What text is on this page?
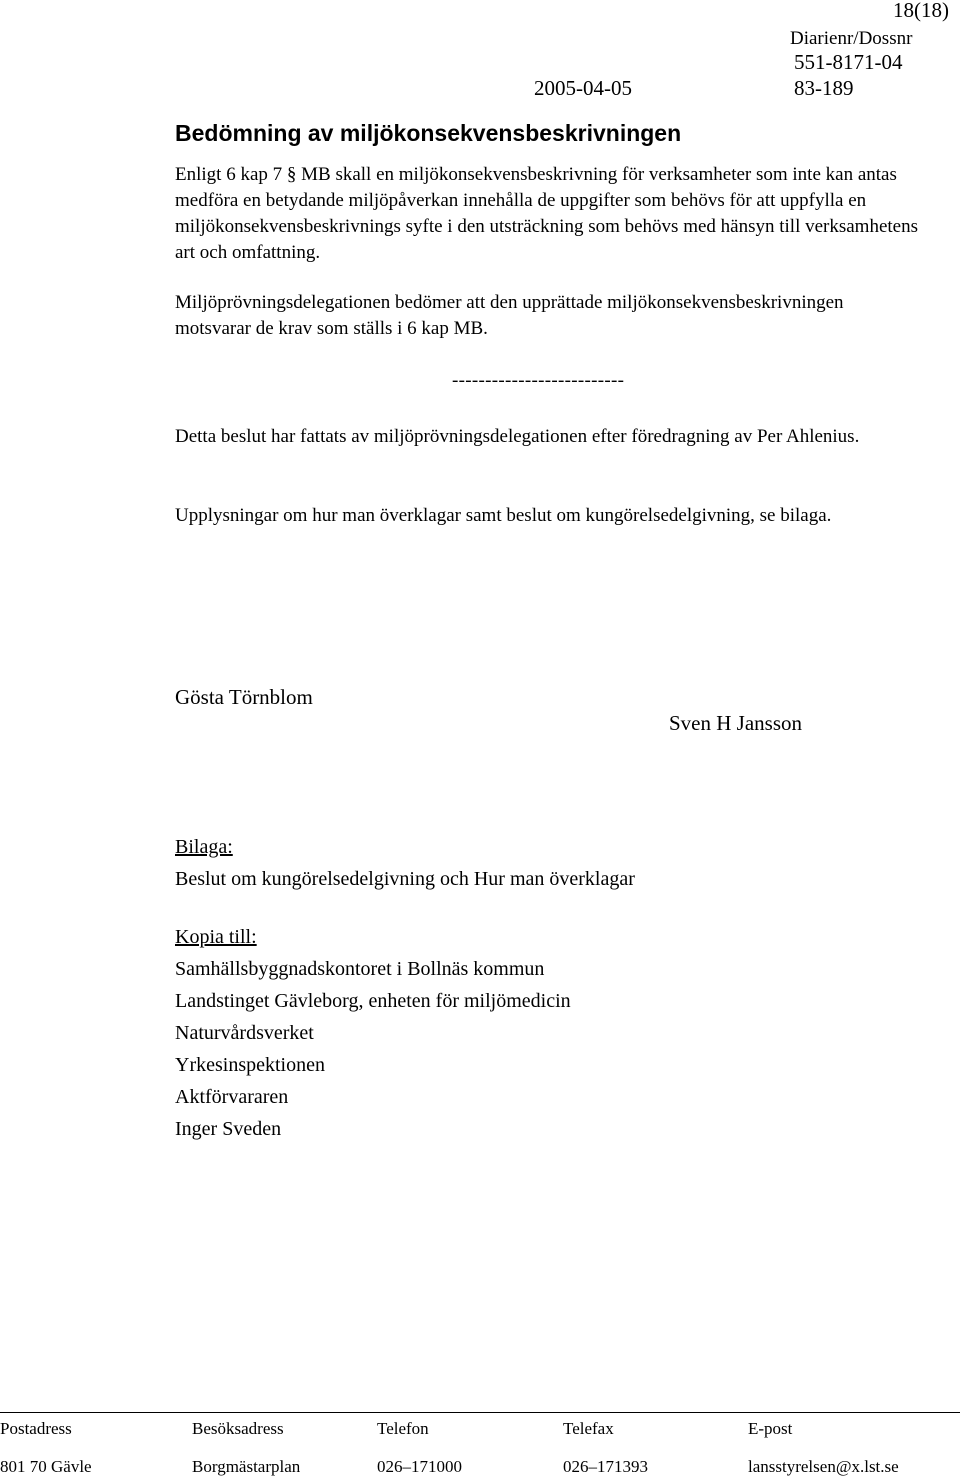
18(18)
Diarienr/Dossnr
551-8171-04
2005-04-05	83-189
Bedömning av miljökonsekvensbeskrivningen
Enligt 6 kap 7 § MB skall en miljökonsekvensbeskrivning för verksamheter som inte kan antas medföra en betydande miljöpåverkan innehålla de uppgifter som behövs för att uppfylla en miljökonsekvensbeskrivnings syfte i den utsträckning som behövs med hänsyn till verksamhetens art och omfattning.
Miljöprövningsdelegationen bedömer att den upprättade miljökonsekvensbeskrivningen motsvarar de krav som ställs i 6 kap MB.
--------------------------
Detta beslut har fattats av miljöprövningsdelegationen efter föredragning av Per Ahlenius.
Upplysningar om hur man överklagar samt beslut om kungörelsedelgivning, se bilaga.
Gösta Törnblom
Sven H Jansson
Bilaga:
Beslut om kungörelsedelgivning och Hur man överklagar
Kopia till:
Samhällsbyggnadskontoret i Bollnäs kommun
Landstinget Gävleborg, enheten för miljömedicin
Naturvårdsverket
Yrkesinspektionen
Aktförvararen
Inger Sveden
Postadress	Besöksadress	Telefon	Telefax	E-post
801 70 Gävle	Borgmästarplan	026–171000	026–171393	lansstyrelsen@x.lst.se
